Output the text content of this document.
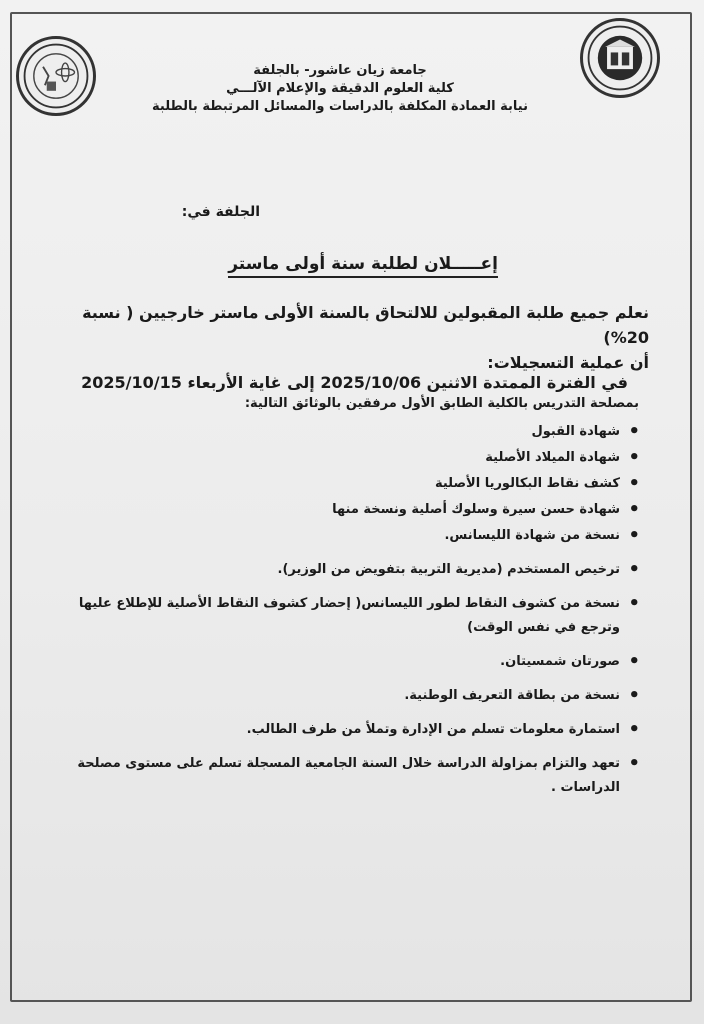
جامعة زيان عاشور- بالجلفة
كلية العلوم الدقيقة والإعلام الآلـــي
نيابة العمادة المكلفة بالدراسات والمسائل المرتبطة بالطلبة
الجلفة في:
إعـــــلان لطلبة سنة أولى ماستر
نعلم جميع طلبة المقبولين للالتحاق بالسنة الأولى ماستر خارجيين ( نسبة 20%)
أن عملية التسجيلات:
في الفترة الممتدة الاثنين 2025/10/06 إلى غاية الأربعاء 2025/10/15
بمصلحة التدريس بالكلية الطابق الأول مرفقين بالوثائق التالية:
• شهادة القبول
• شهادة الميلاد الأصلية
• كشف نقاط البكالوريا الأصلية
• شهادة حسن سيرة وسلوك أصلية ونسخة منها
• نسخة من شهادة الليسانس.
• ترخيص المستخدم (مديرية التربية بتفويض من الوزير).
• نسخة من كشوف النقاط لطور الليسانس( إحضار كشوف النقاط الأصلية للإطلاع عليها وترجع في نفس الوقت)
• صورتان شمسيتان.
• نسخة من بطاقة التعريف الوطنية.
• استمارة معلومات تسلم من الإدارة وتملأ من طرف الطالب.
• تعهد والتزام بمزاولة الدراسة خلال السنة الجامعية المسجلة تسلم على مستوى مصلحة الدراسات .
